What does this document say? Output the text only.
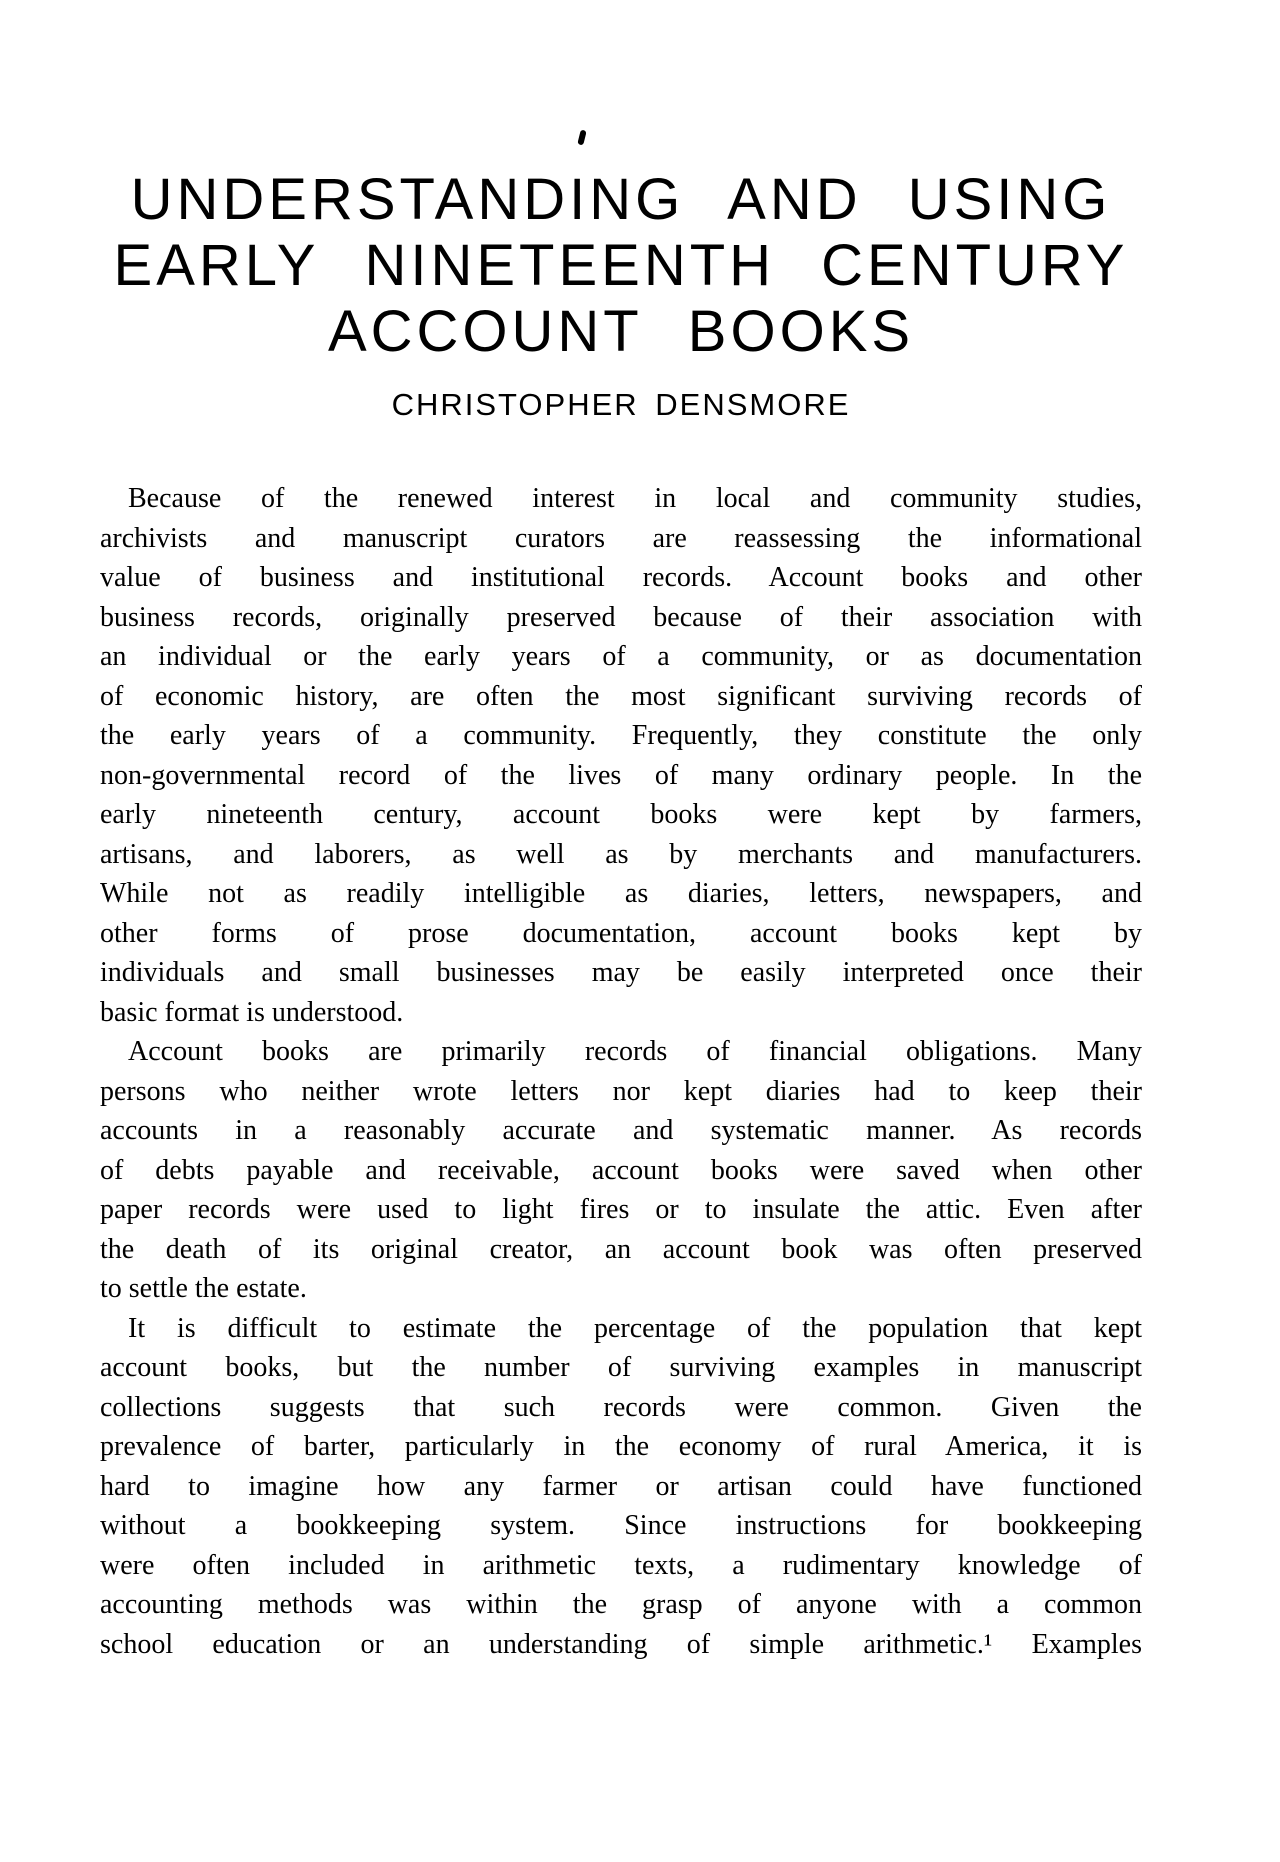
UNDERSTANDING AND USING
EARLY NINETEENTH CENTURY
ACCOUNT BOOKS
CHRISTOPHER DENSMORE
Because of the renewed interest in local and community studies,
archivists and manuscript curators are reassessing the informational
value of business and institutional records. Account books and other
business records, originally preserved because of their association with
an individual or the early years of a community, or as documentation
of economic history, are often the most significant surviving records of
the early years of a community. Frequently, they constitute the only
non-governmental record of the lives of many ordinary people. In the
early nineteenth century, account books were kept by farmers,
artisans, and laborers, as well as by merchants and manufacturers.
While not as readily intelligible as diaries, letters, newspapers, and
other forms of prose documentation, account books kept by
individuals and small businesses may be easily interpreted once their
basic format is understood.
Account books are primarily records of financial obligations. Many
persons who neither wrote letters nor kept diaries had to keep their
accounts in a reasonably accurate and systematic manner. As records
of debts payable and receivable, account books were saved when other
paper records were used to light fires or to insulate the attic. Even after
the death of its original creator, an account book was often preserved
to settle the estate.
It is difficult to estimate the percentage of the population that kept
account books, but the number of surviving examples in manuscript
collections suggests that such records were common. Given the
prevalence of barter, particularly in the economy of rural America, it is
hard to imagine how any farmer or artisan could have functioned
without a bookkeeping system. Since instructions for bookkeeping
were often included in arithmetic texts, a rudimentary knowledge of
accounting methods was within the grasp of anyone with a common
school education or an understanding of simple arithmetic.¹ Examples
